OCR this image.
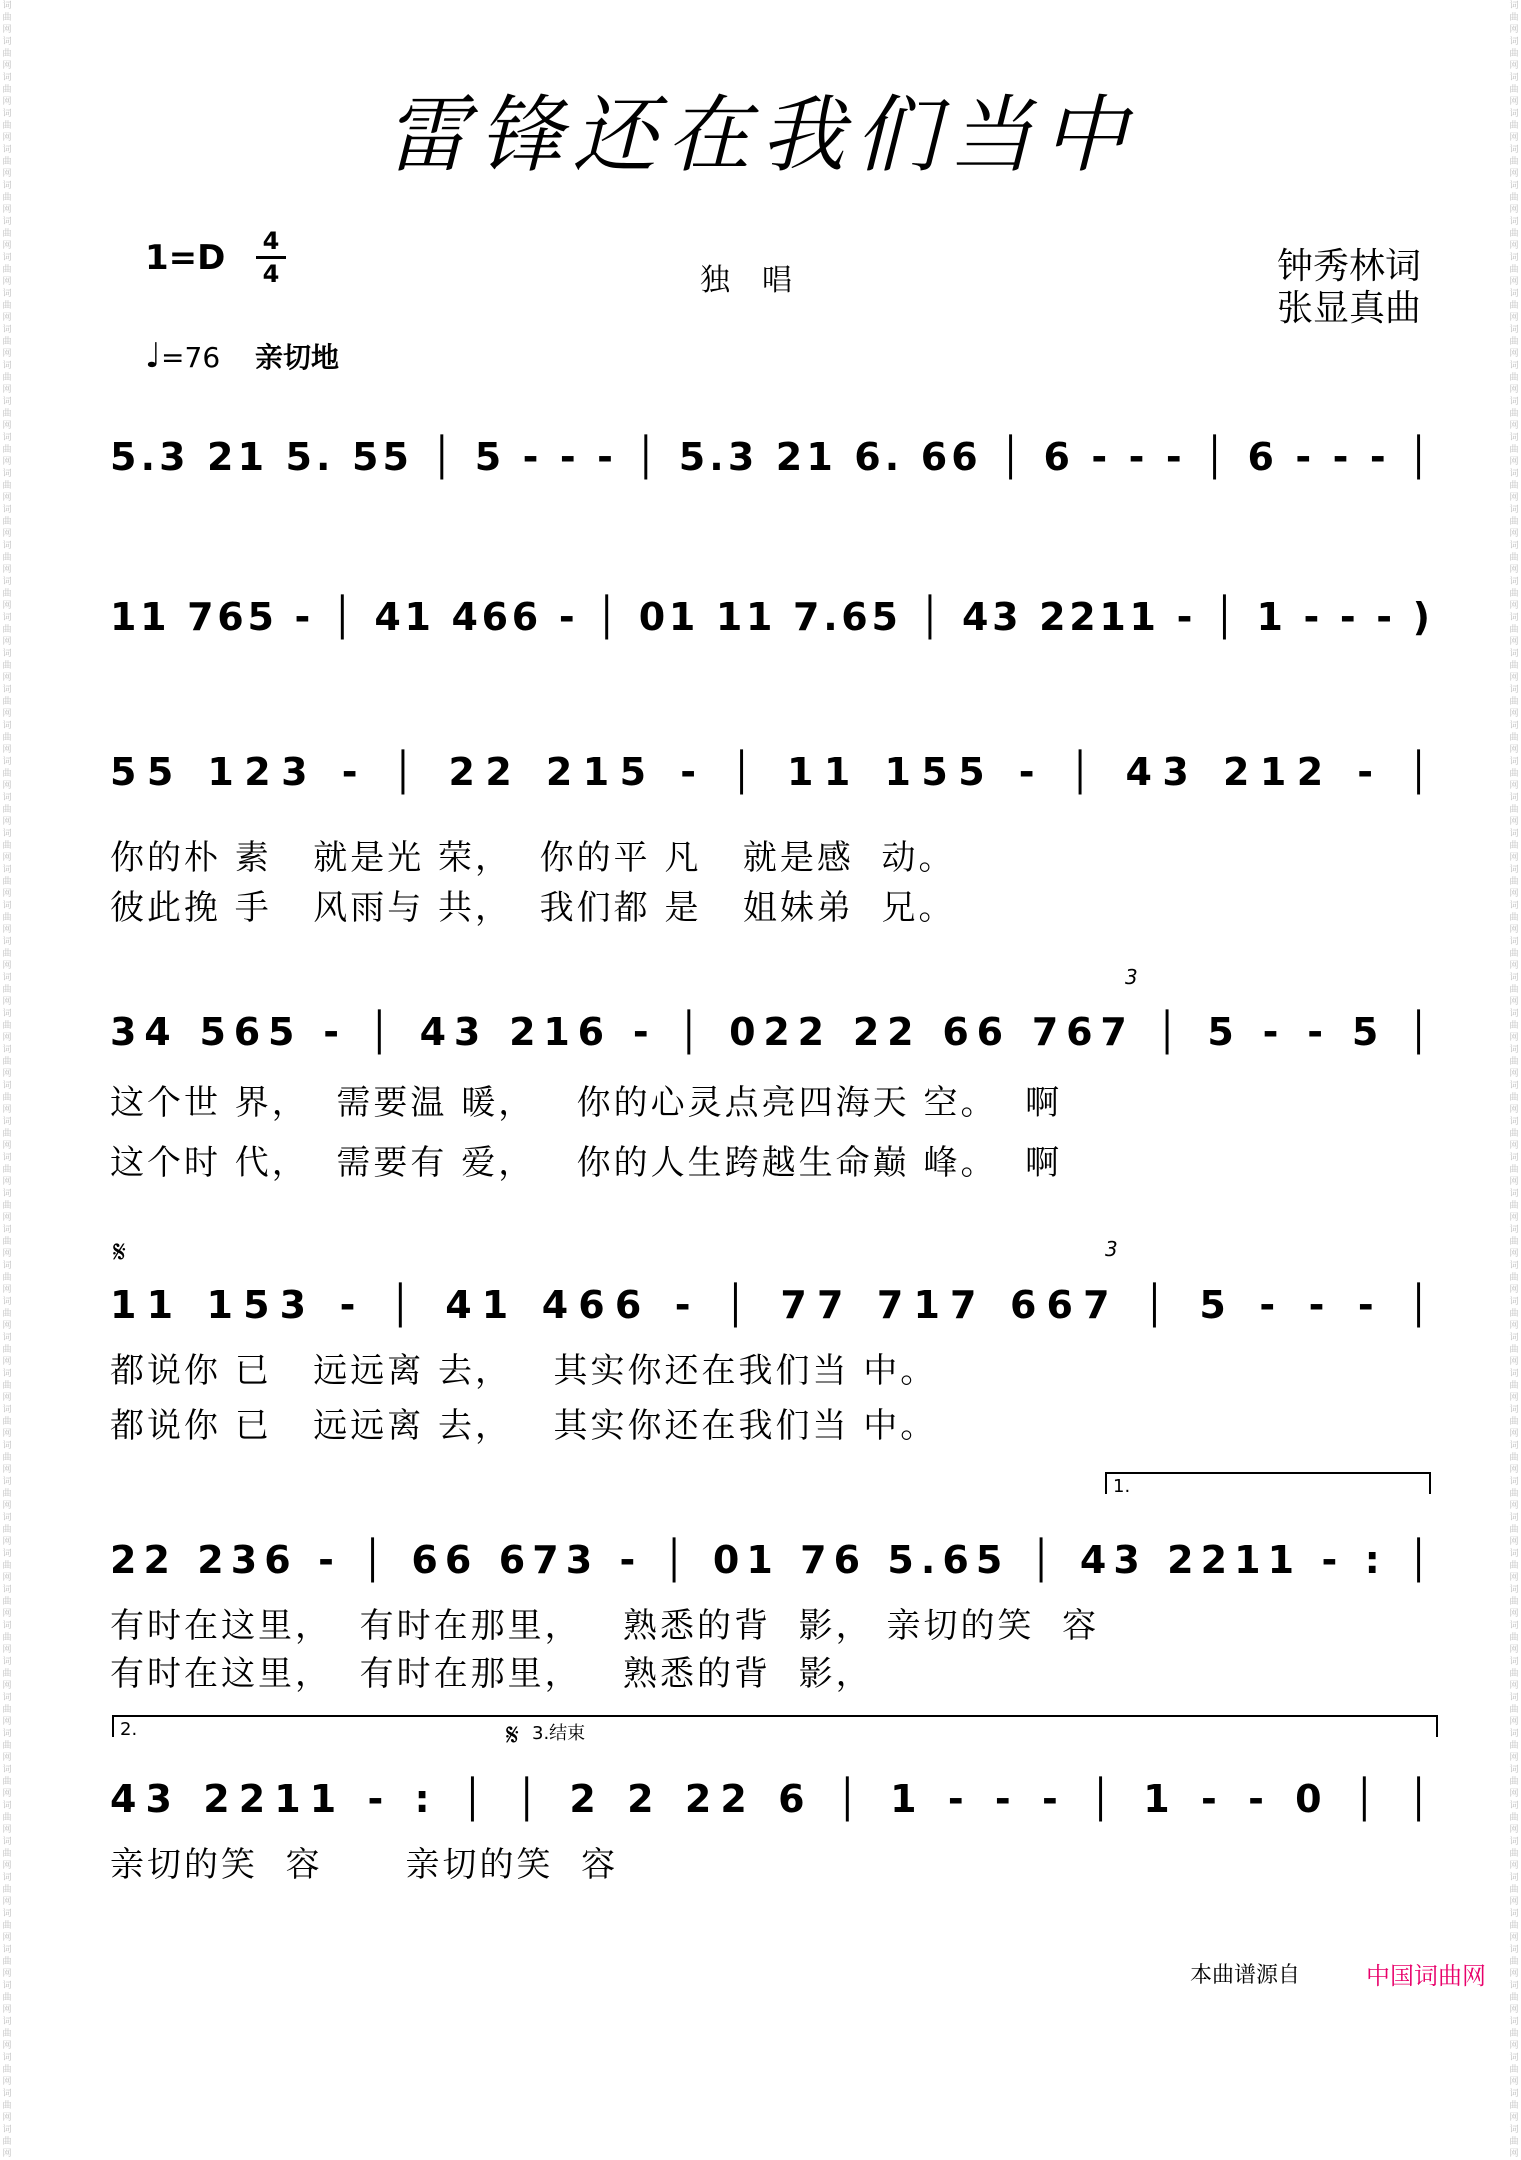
词曲网词曲网词曲网词曲网词曲网词曲网词曲网词曲网词曲网词曲网词曲网词曲网词曲网词曲网词曲网词曲网词曲网词曲网词曲网词曲网词曲网词曲网词曲网词曲网词曲网词曲网词曲网词曲网词曲网词曲网词曲网词曲网词曲网词曲网词曲网词曲网词曲网词曲网词曲网词曲网词曲网词曲网词曲网词曲网词曲网词曲网词曲网词曲网词曲网词曲网词曲网词曲网词曲网词曲网词曲网词曲网词曲网词曲网词曲网词曲网
词曲网词曲网词曲网词曲网词曲网词曲网词曲网词曲网词曲网词曲网词曲网词曲网词曲网词曲网词曲网词曲网词曲网词曲网词曲网词曲网词曲网词曲网词曲网词曲网词曲网词曲网词曲网词曲网词曲网词曲网词曲网词曲网词曲网词曲网词曲网词曲网词曲网词曲网词曲网词曲网词曲网词曲网词曲网词曲网词曲网词曲网词曲网词曲网词曲网词曲网词曲网词曲网词曲网词曲网词曲网词曲网词曲网词曲网词曲网词曲网
雷锋还在我们当中
1=D 4
4	独唱	钟秀林词
张显真曲
♩=76 亲切地
5.3 21 5. 55 │ 5 - - - │ 5.3 21 6. 66 │ 6 - - - │ 6 - - - │
11 765 - │ 41 466 - │ 01 11 7.65 │ 43 2211 - │ 1 - - - )
55 123 - │ 22 215 - │ 11 155 - │ 43 212 - │
你的朴 素   就是光 荣，  你的平 凡   就是感  动。
彼此挽 手   风雨与 共，  我们都 是   姐妹弟  兄。
34 565 - │ 43 216 - │ 022 22 66 767 │ 5 - - 5 │
这个世 界，  需要温 暖，   你的心灵点亮四海天 空。  啊
这个时 代，  需要有 爱，   你的人生跨越生命巅 峰。  啊
11 153 - │ 41 466 - │ 77 717 667 │ 5 - - - │
都说你 已   远远离 去，   其实你还在我们当 中。
都说你 已   远远离 去，   其实你还在我们当 中。
22 236 - │ 66 673 - │ 01 76 5.65 │ 43 2211 - : │
有时在这里，  有时在那里，   熟悉的背  影， 亲切的笑  容
有时在这里，  有时在那里，   熟悉的背  影，
43 2211 - : │ │ 2 2 22 6 │ 1 - - - │ 1 - - 0 │ │
亲切的笑  容      亲切的笑  容
1.
2.	3.结束
𝄋
𝄋
3
3
本曲谱源自	中国词曲网
